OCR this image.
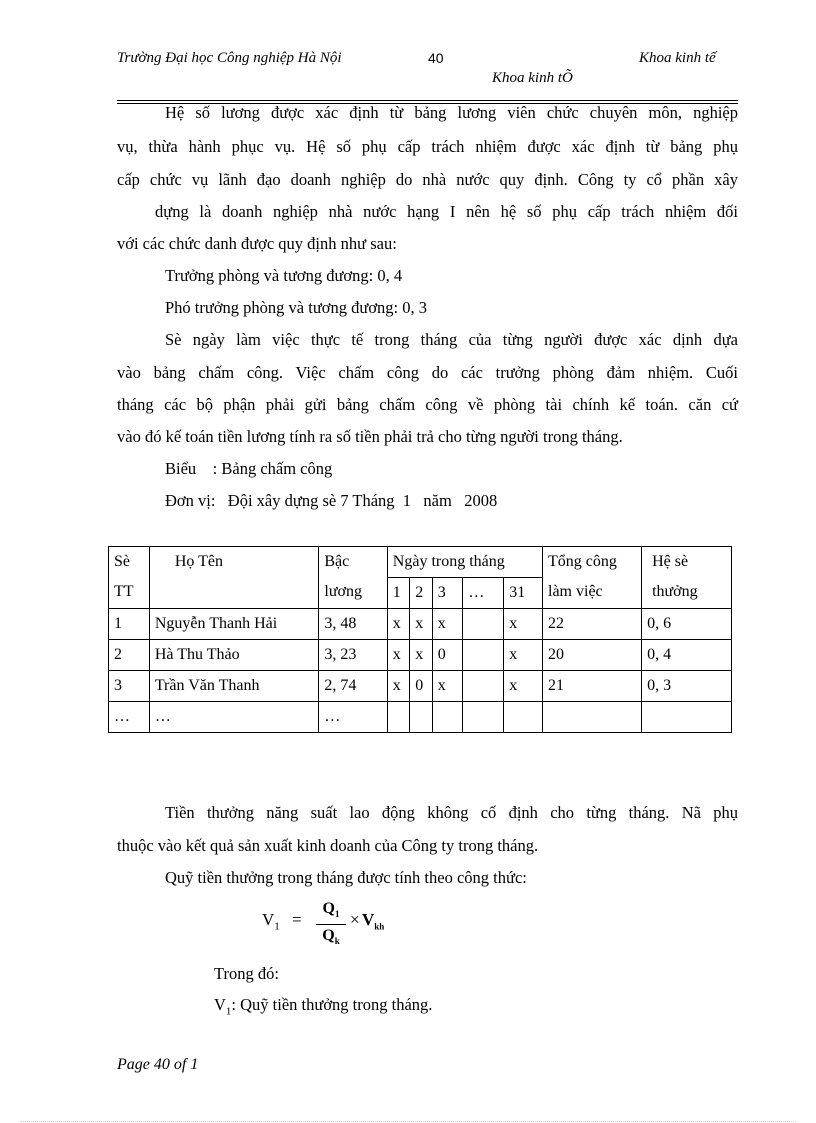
Trường Đại học Công nghiệp Hà Nội	40	Khoa kinh tế
Khoa kinh tÕ
Hệ số lương được xác định từ bảng lương viên chức chuyên môn, nghiệp
vụ, thừa hành phục vụ. Hệ số phụ cấp trách nhiệm được xác định từ bảng phụ
cấp chức vụ lãnh đạo doanh nghiệp do nhà nước quy định. Công ty cổ phần xây
dựng là doanh nghiệp nhà nước hạng I nên hệ số phụ cấp trách nhiệm đối
với các chức danh được quy định như sau:
Trưởng phòng và tương đương: 0, 4
Phó trưởng phòng và tương đương: 0, 3
Sè ngày làm việc thực tế trong tháng của từng người được xác dịnh dựa
vào bảng chấm công. Việc chấm công do các trưởng phòng đảm nhiệm. Cuối
tháng các bộ phận phải gửi bảng chấm công về phòng tài chính kế toán. căn cứ
vào đó kế toán tiền lương tính ra số tiền phải trả cho từng người trong tháng.
Biểu    : Bảng chấm công
Đơn vị:   Đội xây dựng sè 7 Tháng  1   năm   2008
Sè TT	Họ Tên	Bậc lương	Ngày trong tháng					Tổng công làm việc	Hệ sè thưởng
			1	2	3	…	31		
1	Nguyễn Thanh Hải	3, 48	x	x	x		x	22	0, 6
2	Hà Thu Thảo	3, 23	x	x	0		x	20	0, 4
3	Trần Văn Thanh	2, 74	x	0	x		x	21	0, 3
…	…	…							
Tiền thưởng năng suất lao động không cố định cho từng tháng. Nã phụ
thuộc vào kết quả sản xuất kinh doanh của Công ty trong tháng.
Quỹ tiền thưởng trong tháng được tính theo công thức:
$V_1$ =
$Q_1$
$Q_k$
× $V_{kh}$
Trong đó:
$V_1$: Quỹ tiền thưởng trong tháng.
Page 40 of 1
